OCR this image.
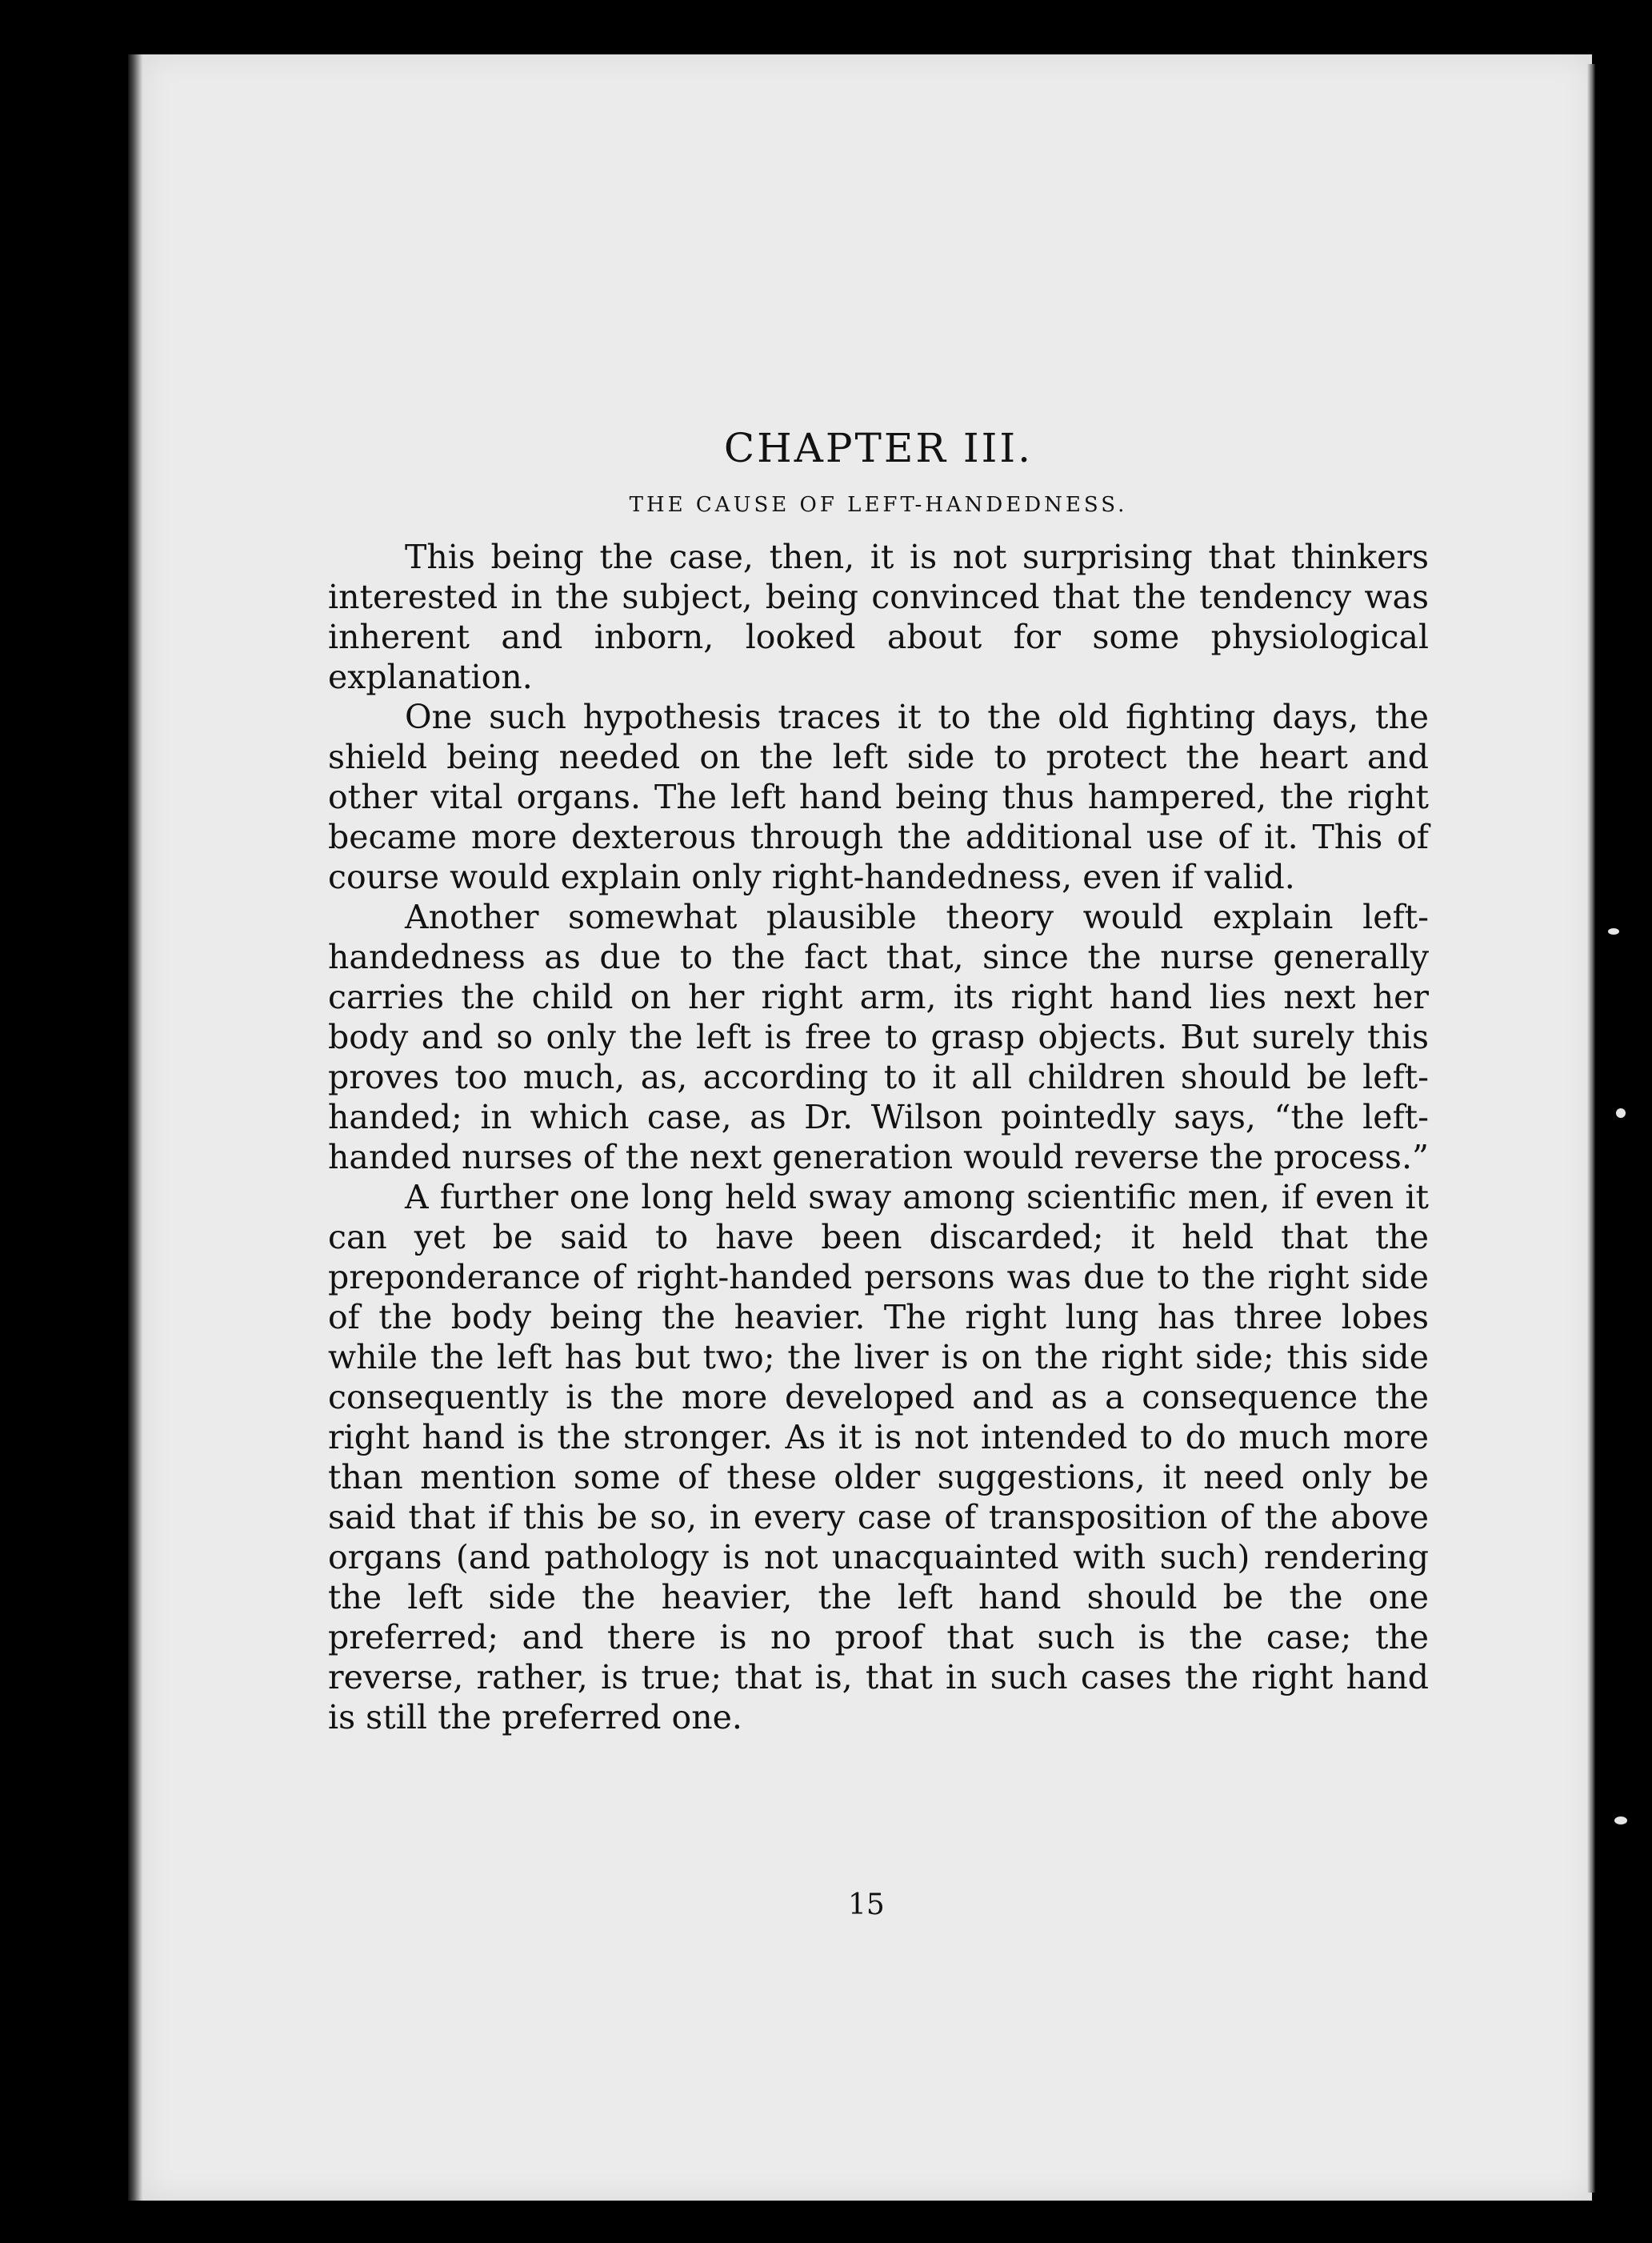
CHAPTER III.
THE CAUSE OF LEFT-HANDEDNESS.

This being the case, then, it is not surprising that thinkers interested in the subject, being convinced that the tendency was inherent and inborn, looked about for some physiological explanation.

One such hypothesis traces it to the old fighting days, the shield being needed on the left side to protect the heart and other vital organs. The left hand being thus hampered, the right became more dexterous through the additional use of it. This of course would explain only right-handedness, even if valid.

Another somewhat plausible theory would explain left-handedness as due to the fact that, since the nurse generally carries the child on her right arm, its right hand lies next her body and so only the left is free to grasp objects. But surely this proves too much, as, according to it all children should be left-handed; in which case, as Dr. Wilson pointedly says, “the left-handed nurses of the next generation would reverse the process.”

A further one long held sway among scientific men, if even it can yet be said to have been discarded; it held that the preponderance of right-handed persons was due to the right side of the body being the heavier. The right lung has three lobes while the left has but two; the liver is on the right side; this side consequently is the more developed and as a consequence the right hand is the stronger. As it is not intended to do much more than mention some of these older suggestions, it need only be said that if this be so, in every case of transposition of the above organs (and pathology is not unacquainted with such) rendering the left side the heavier, the left hand should be the one preferred; and there is no proof that such is the case; the reverse, rather, is true; that is, that in such cases the right hand is still the preferred one.

15
